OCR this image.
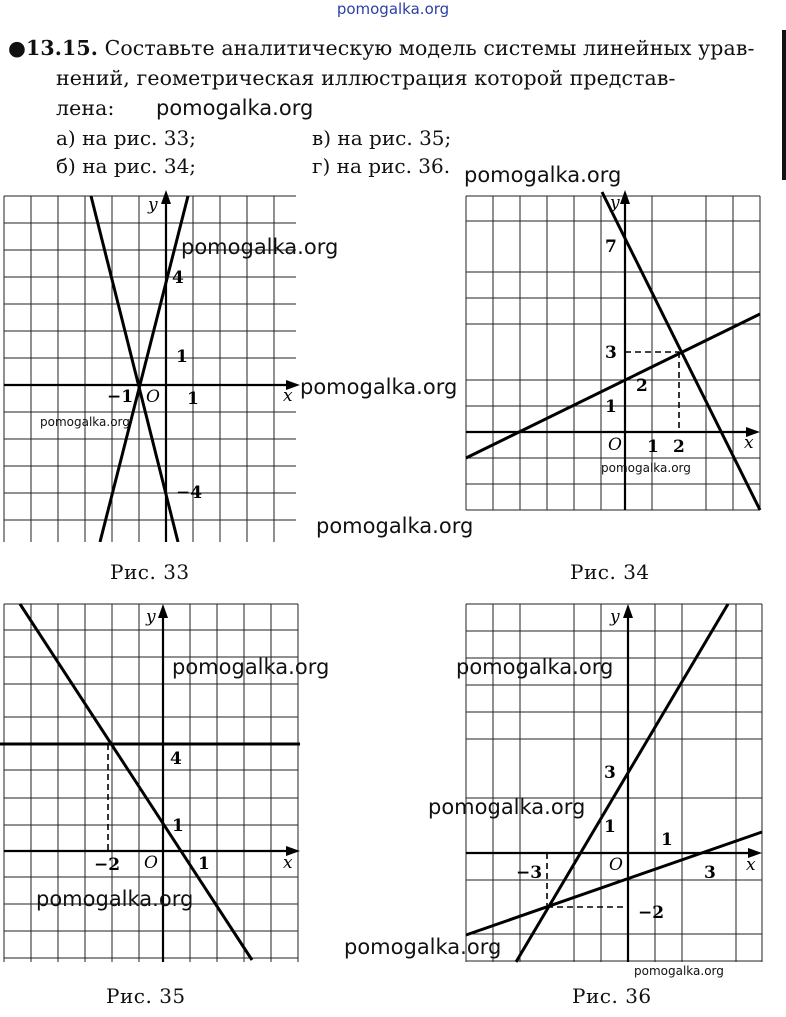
pomogalka.org
●13.15. Составьте аналитическую модель системы линейных урав-
нений, геометрическая иллюстрация которой представ-
лена:
а) на рис. 33;	в) на рис. 35;
б) на рис. 34;	г) на рис. 36.
y
x
O
4
1
−1	1
−4
y
x
O
7
3
2
1
1 2
y
x
O
4
1
−2	1
y
x
O
3
1
1
−3	3
−2
Рис. 33	Рис. 34
Рис. 35	Рис. 36
pomogalka.org
pomogalka.org
pomogalka.org
pomogalka.org
pomogalka.org
pomogalka.org
pomogalka.org
pomogalka.org	pomogalka.org
pomogalka.org
pomogalka.org
pomogalka.org
pomogalka.org
